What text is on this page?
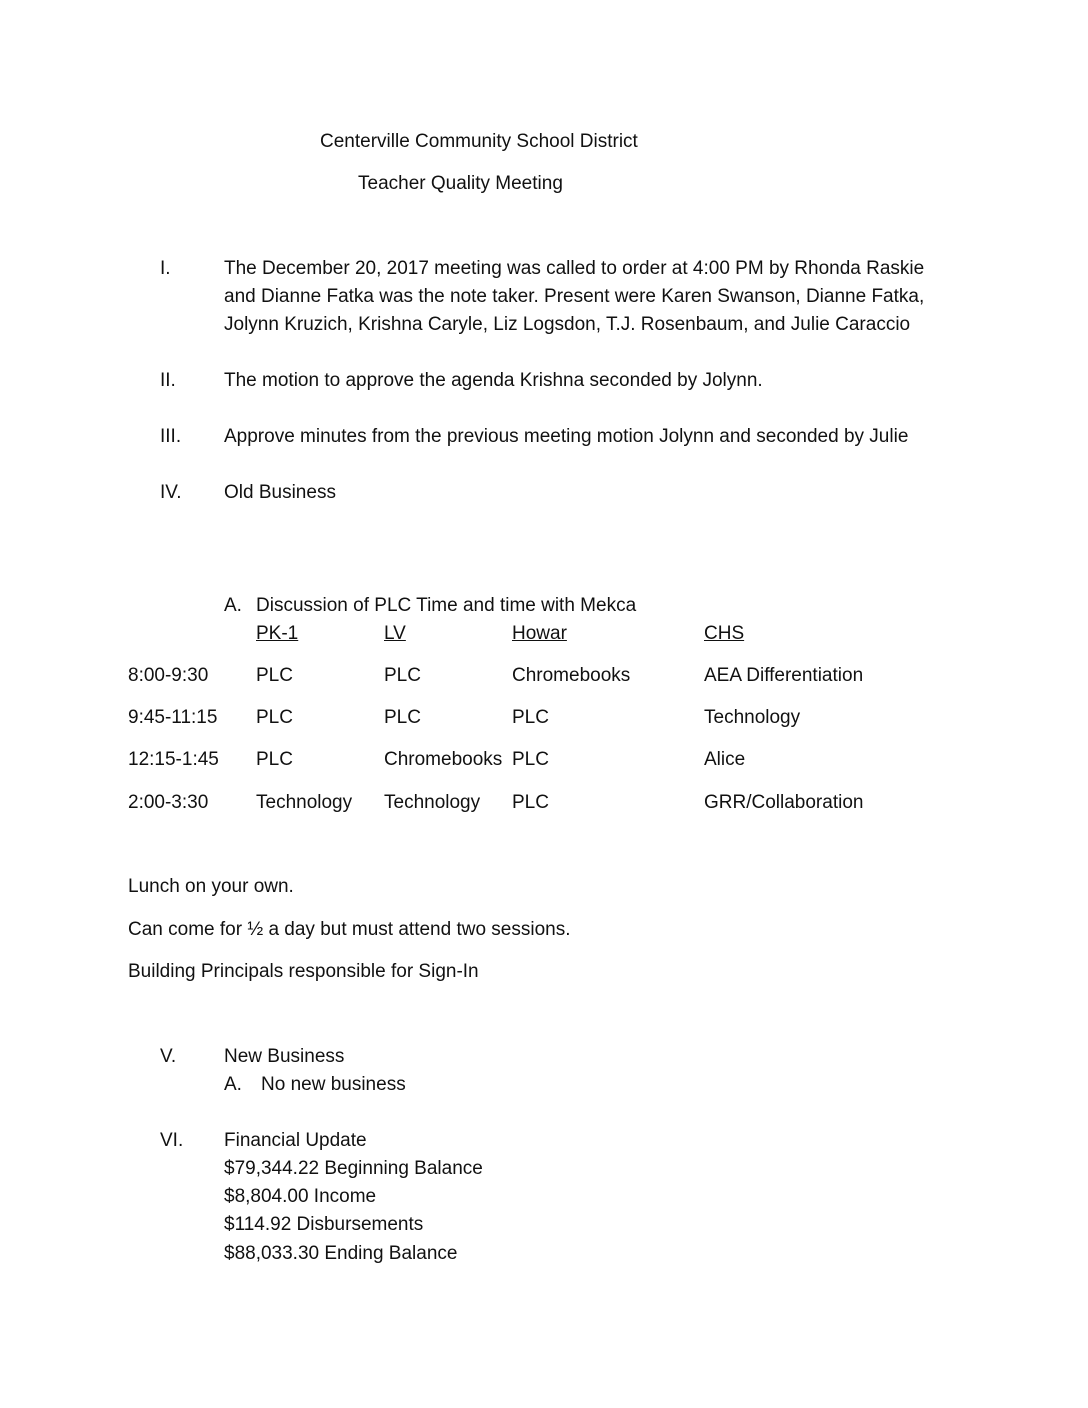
Centerville Community School District
Teacher Quality Meeting
I.	The December 20, 2017 meeting was called to order at 4:00 PM by Rhonda Raskie
and Dianne Fatka was the note taker. Present were Karen Swanson, Dianne Fatka,
Jolynn Kruzich, Krishna Caryle, Liz Logsdon, T.J. Rosenbaum, and Julie Caraccio
II.	The motion to approve the agenda Krishna seconded by Jolynn.
III. Approve minutes from the previous meeting motion Jolynn and seconded by Julie
IV. Old Business
A. Discussion of PLC Time and time with Mekca
PK-1	LV	Howar	CHS
8:00-9:30	PLC	PLC	Chromebooks	AEA Differentiation
9:45-11:15 PLC	PLC	PLC	Technology
12:15-1:45 PLC	Chromebooks PLC	Alice
2:00-3:30	Technology Technology PLC	GRR/Collaboration
Lunch on your own.
Can come for ½ a day but must attend two sessions.
Building Principals responsible for Sign-In
V.	New Business
A. No new business
VI. Financial Update
$79,344.22 Beginning Balance
$8,804.00 Income
$114.92 Disbursements
$88,033.30 Ending Balance
